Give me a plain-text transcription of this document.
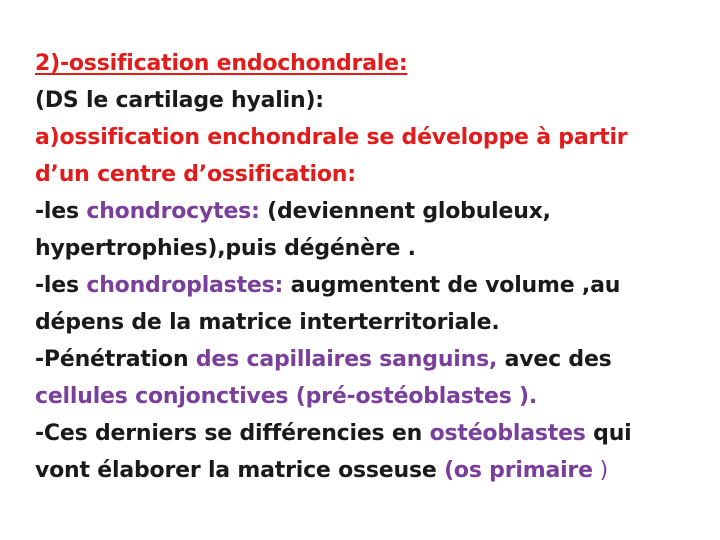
2)-ossification endochondrale:
(DS le cartilage hyalin):
a)ossification enchondrale se développe à partir
d’un centre d’ossification:
-les chondrocytes: (deviennent globuleux,
hypertrophies),puis dégénère .
-les chondroplastes: augmentent de volume ,au
dépens de la matrice interterritoriale.
-Pénétration des capillaires sanguins, avec des
cellules conjonctives (pré-ostéoblastes ).
-Ces derniers se différencies en ostéoblastes qui
vont élaborer la matrice osseuse (os primaire )
